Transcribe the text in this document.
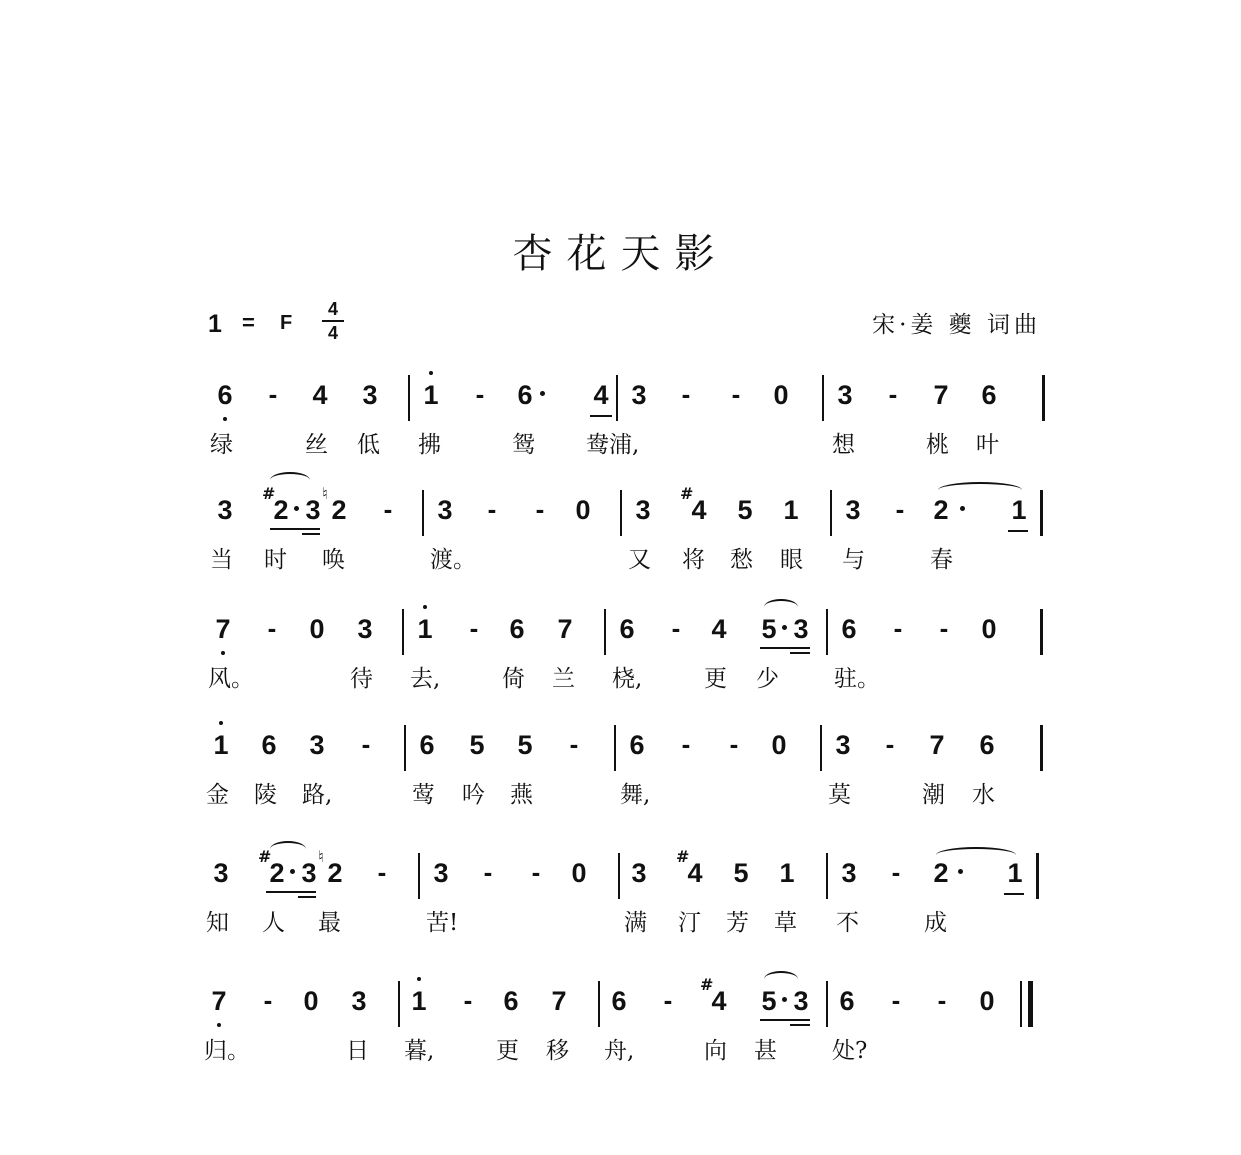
杏花天影
1 = F
4
4	宋·姜 夔 词曲
6 - 4 3 1 - 6 4 3 - - 0 3 - 7 6
绿	丝 低 拂	鸳 鸯浦,	想	桃 叶
3
#
2 3
♮
2 - 3 - - 0 3
#
4 5 1 3 - 2 1
当 时 唤	渡。	又 将 愁 眼 与	春
7 - 0 3 1 - 6 7 6 - 4 5 3 6 - - 0
风。	待 去,	倚 兰 桡,	更 少 驻。
1 6 3 - 6 5 5 - 6 - - 0 3 - 7 6
金 陵 路,	莺 吟 燕	舞,	莫	潮 水
3
#
2 3
♮
2 - 3 - - 0 3
#
4 5 1 3 - 2 1
知 人 最	苦!	满 汀 芳 草 不	成
7 - 0 3 1 - 6 7 6 -
#
4 5 3 6 - - 0
归。	日 暮,	更 移 舟,	向 甚 处?
